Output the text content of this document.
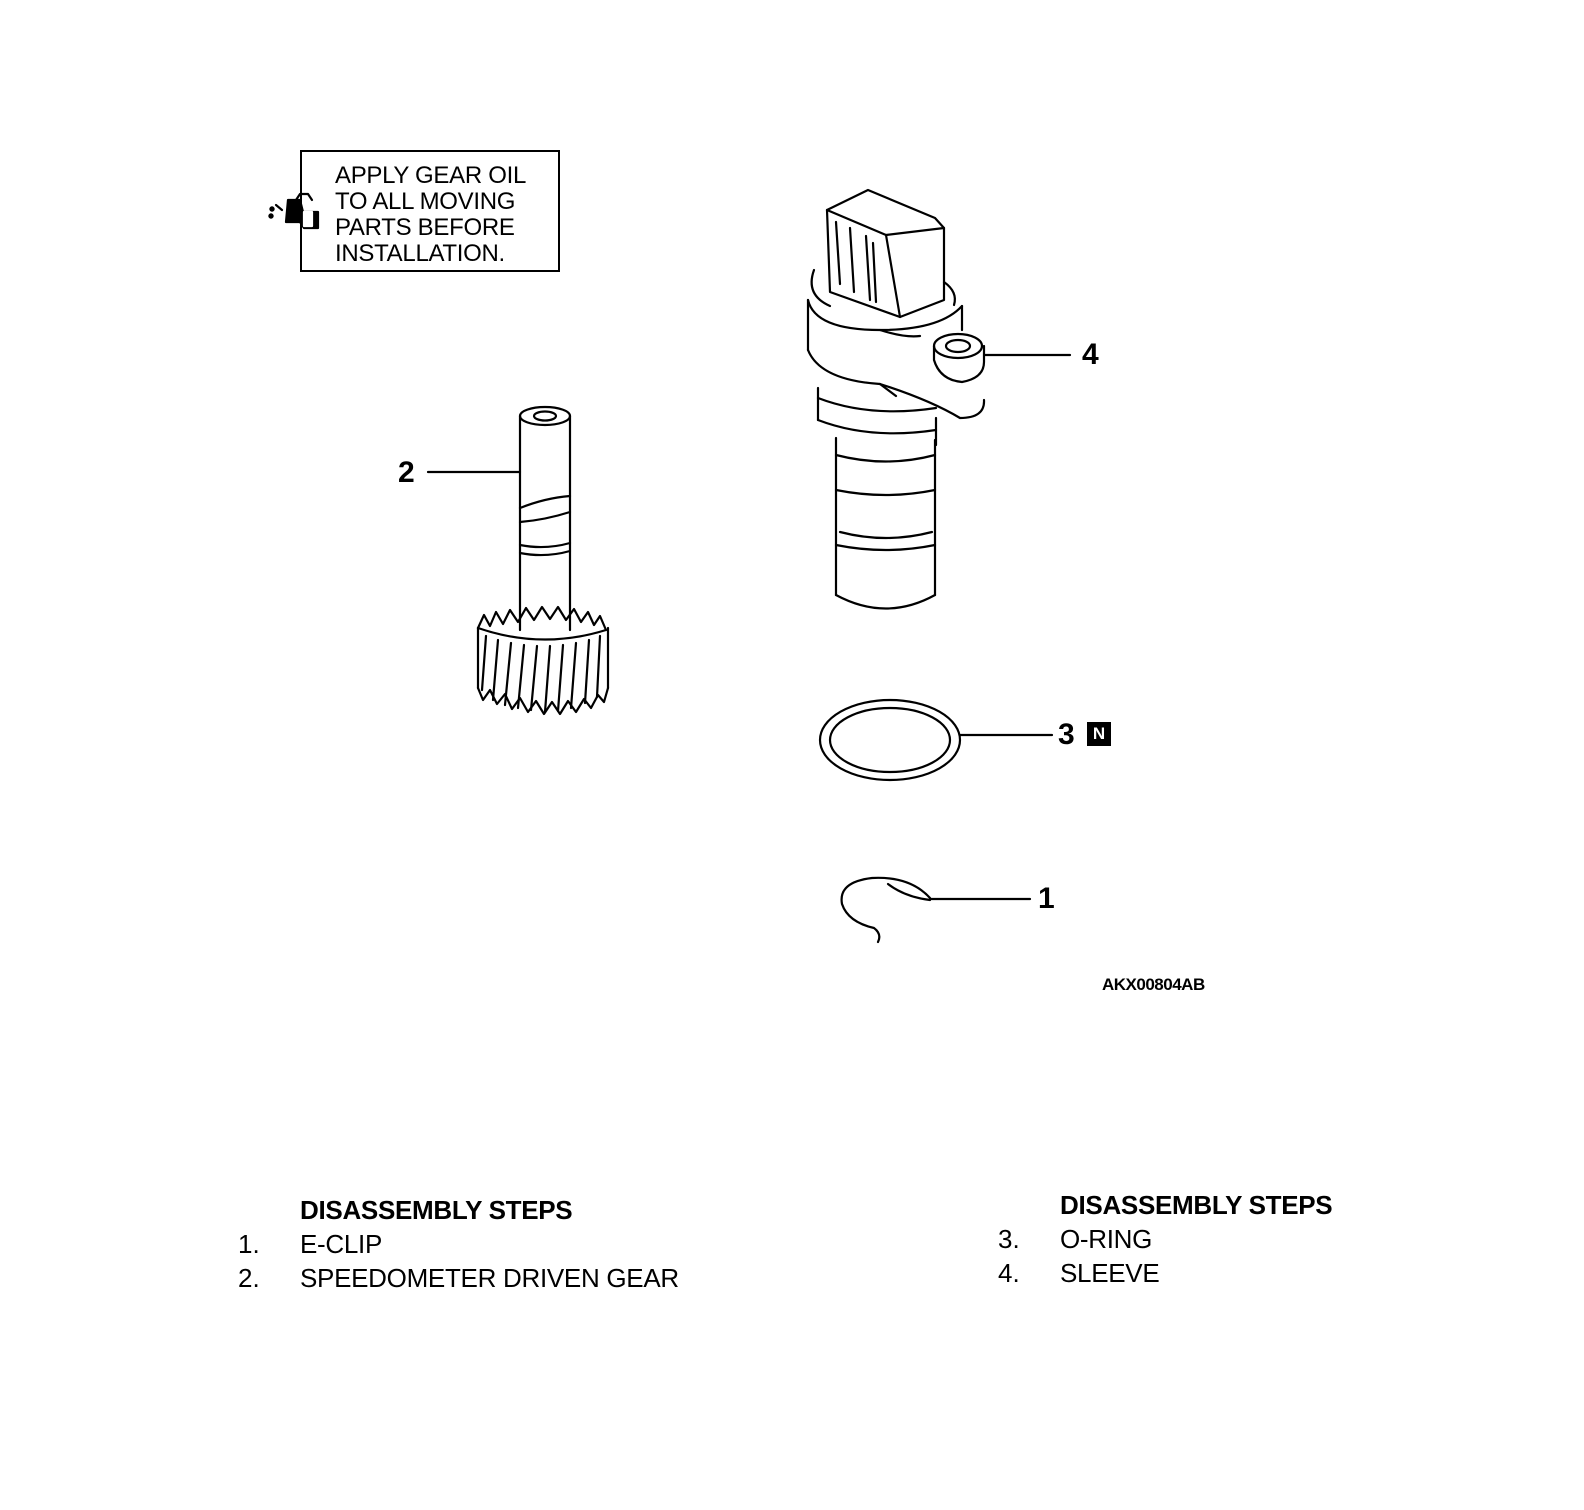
APPLY GEAR OIL
TO ALL MOVING
PARTS BEFORE
INSTALLATION.
2
4
3	N
1
AKX00804AB
DISASSEMBLY STEPS
1. E-CLIP
2. SPEEDOMETER DRIVEN GEAR
DISASSEMBLY STEPS
3. O-RING
4. SLEEVE
